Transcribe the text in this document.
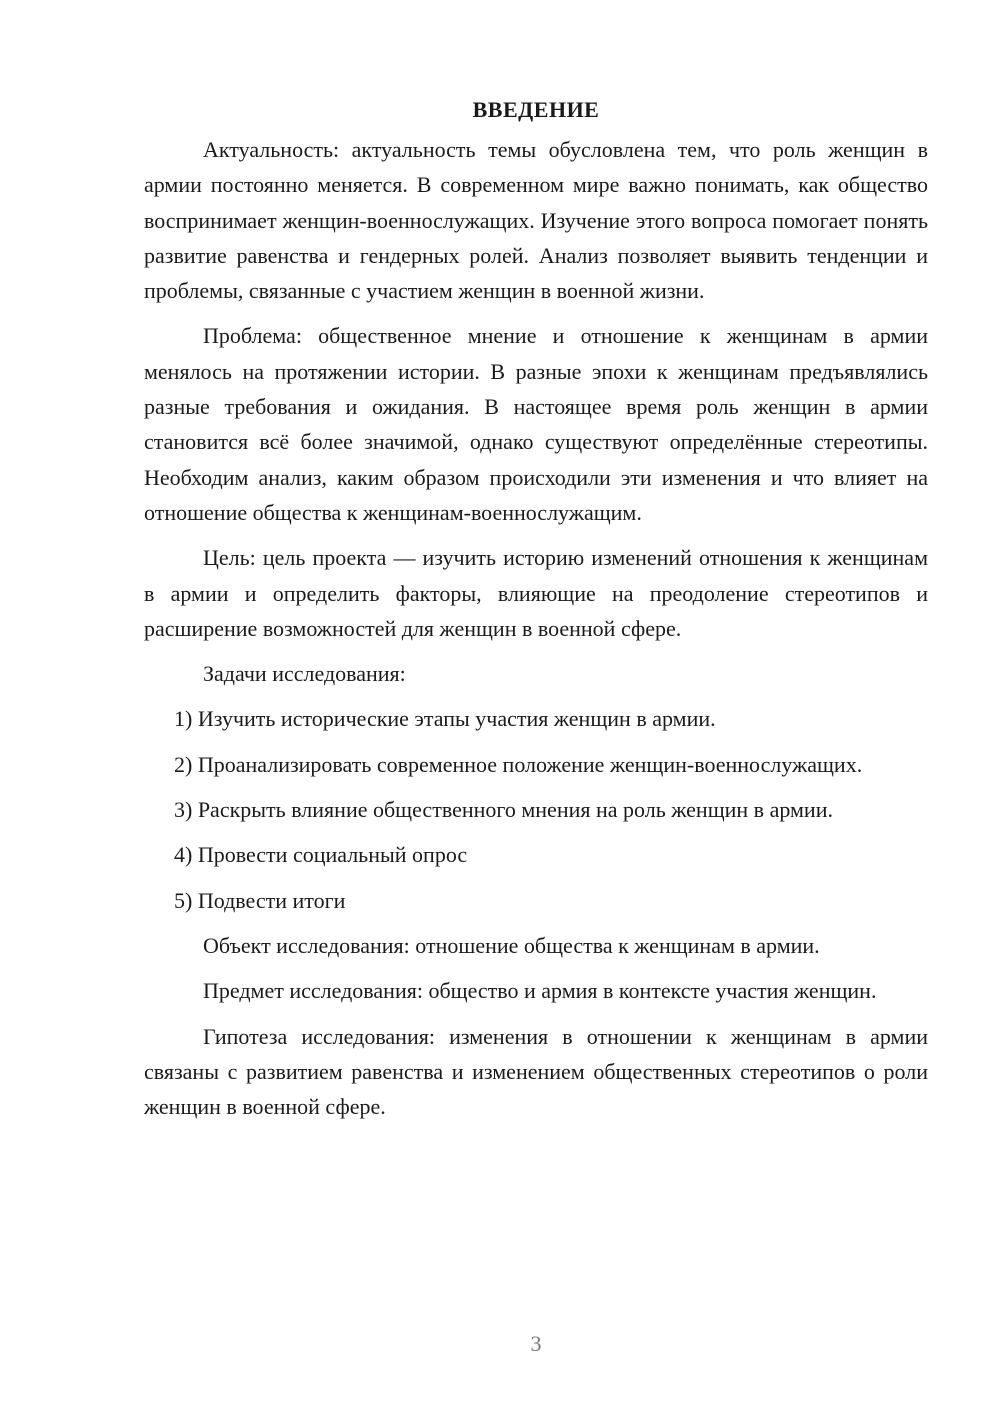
ВВЕДЕНИЕ

Актуальность: актуальность темы обусловлена тем, что роль женщин в армии постоянно меняется. В современном мире важно понимать, как общество воспринимает женщин-военнослужащих. Изучение этого вопроса помогает понять развитие равенства и гендерных ролей. Анализ позволяет выявить тенденции и проблемы, связанные с участием женщин в военной жизни.

Проблема: общественное мнение и отношение к женщинам в армии менялось на протяжении истории. В разные эпохи к женщинам предъявлялись разные требования и ожидания. В настоящее время роль женщин в армии становится всё более значимой, однако существуют определённые стереотипы. Необходим анализ, каким образом происходили эти изменения и что влияет на отношение общества к женщинам-военнослужащим.

Цель: цель проекта — изучить историю изменений отношения к женщинам в армии и определить факторы, влияющие на преодоление стереотипов и расширение возможностей для женщин в военной сфере.

Задачи исследования:

1) Изучить исторические этапы участия женщин в армии.

2) Проанализировать современное положение женщин-военнослужащих.

3) Раскрыть влияние общественного мнения на роль женщин в армии.

4) Провести социальный опрос

5) Подвести итоги

Объект исследования: отношение общества к женщинам в армии.

Предмет исследования: общество и армия в контексте участия женщин.

Гипотеза исследования: изменения в отношении к женщинам в армии связаны с развитием равенства и изменением общественных стереотипов о роли женщин в военной сфере.

3
